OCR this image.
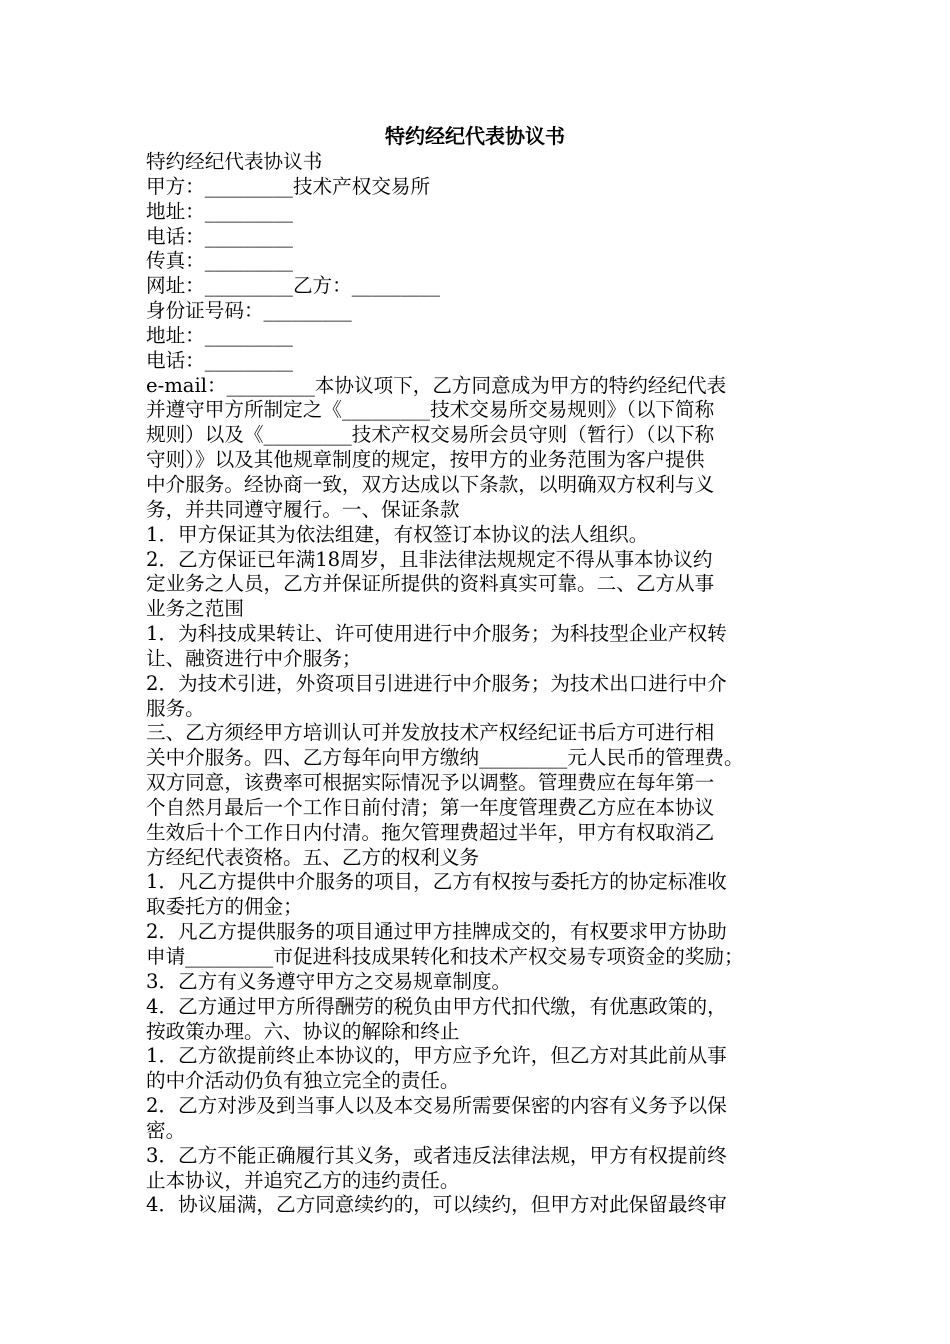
特约经纪代表协议书
特约经纪代表协议书
甲方：_________技术产权交易所
地址：_________
电话：_________
传真：_________
网址：_________乙方：_________
身份证号码：_________
地址：_________
电话：_________
e-mail：_________本协议项下，乙方同意成为甲方的特约经纪代表
并遵守甲方所制定之《_________技术交易所交易规则》（以下简称
规则）以及《_________技术产权交易所会员守则（暂行）（以下称
守则）》以及其他规章制度的规定，按甲方的业务范围为客户提供
中介服务。经协商一致，双方达成以下条款，以明确双方权利与义
务，并共同遵守履行。一、保证条款
1．甲方保证其为依法组建，有权签订本协议的法人组织。
2．乙方保证已年满18周岁，且非法律法规规定不得从事本协议约
定业务之人员，乙方并保证所提供的资料真实可靠。二、乙方从事
业务之范围
1．为科技成果转让、许可使用进行中介服务；为科技型企业产权转
让、融资进行中介服务；
2．为技术引进，外资项目引进进行中介服务；为技术出口进行中介
服务。
三、乙方须经甲方培训认可并发放技术产权经纪证书后方可进行相
关中介服务。四、乙方每年向甲方缴纳_________元人民币的管理费。
双方同意，该费率可根据实际情况予以调整。管理费应在每年第一
个自然月最后一个工作日前付清；第一年度管理费乙方应在本协议
生效后十个工作日内付清。拖欠管理费超过半年，甲方有权取消乙
方经纪代表资格。五、乙方的权利义务
1．凡乙方提供中介服务的项目，乙方有权按与委托方的协定标准收
取委托方的佣金；
2．凡乙方提供服务的项目通过甲方挂牌成交的，有权要求甲方协助
申请_________市促进科技成果转化和技术产权交易专项资金的奖励；
3．乙方有义务遵守甲方之交易规章制度。
4．乙方通过甲方所得酬劳的税负由甲方代扣代缴，有优惠政策的，
按政策办理。六、协议的解除和终止
1．乙方欲提前终止本协议的，甲方应予允许，但乙方对其此前从事
的中介活动仍负有独立完全的责任。
2．乙方对涉及到当事人以及本交易所需要保密的内容有义务予以保
密。
3．乙方不能正确履行其义务，或者违反法律法规，甲方有权提前终
止本协议，并追究乙方的违约责任。
4．协议届满，乙方同意续约的，可以续约，但甲方对此保留最终审
